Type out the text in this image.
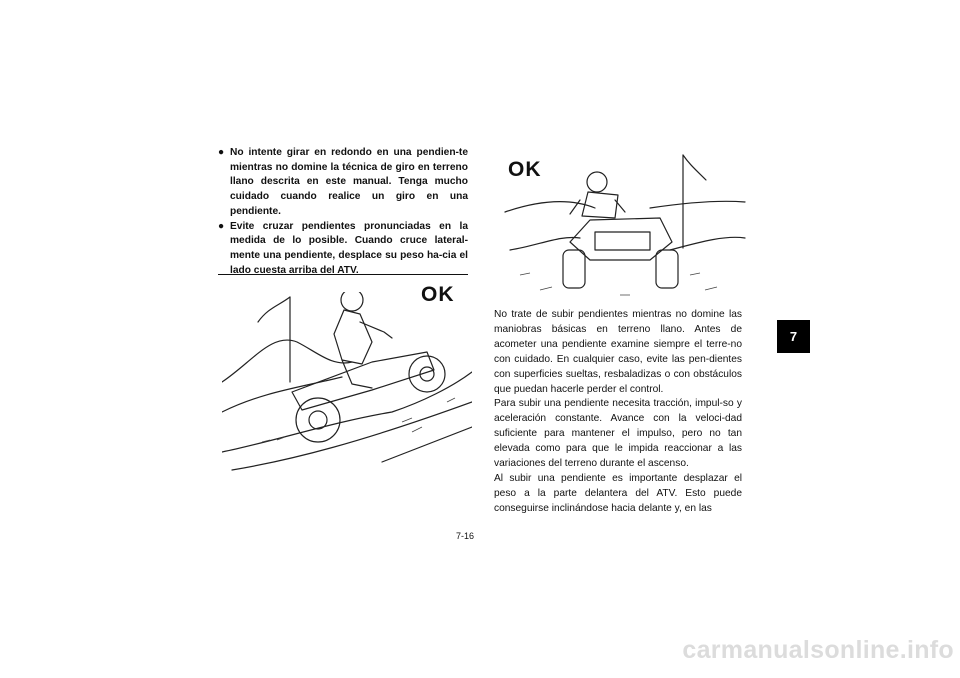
● No intente girar en redondo en una pendien-te mientras no domine la técnica de giro en terreno llano descrita en este manual. Tenga mucho cuidado cuando realice un giro en una pendiente.
● Evite cruzar pendientes pronunciadas en la medida de lo posible. Cuando cruce lateral-mente una pendiente, desplace su peso ha-cia el lado cuesta arriba del ATV.
OK
OK

No trate de subir pendientes mientras no domine las maniobras básicas en terreno llano. Antes de acometer una pendiente examine siempre el terre-no con cuidado. En cualquier caso, evite las pen-dientes con superficies sueltas, resbaladizas o con obstáculos que puedan hacerle perder el control.

Para subir una pendiente necesita tracción, impul-so y aceleración constante. Avance con la veloci-dad suficiente para mantener el impulso, pero no tan elevada como para que le impida reaccionar a las variaciones del terreno durante el ascenso.

Al subir una pendiente es importante desplazar el peso a la parte delantera del ATV. Esto puede conseguirse inclinándose hacia delante y, en las

7-16
7
carmanualsonline.info
